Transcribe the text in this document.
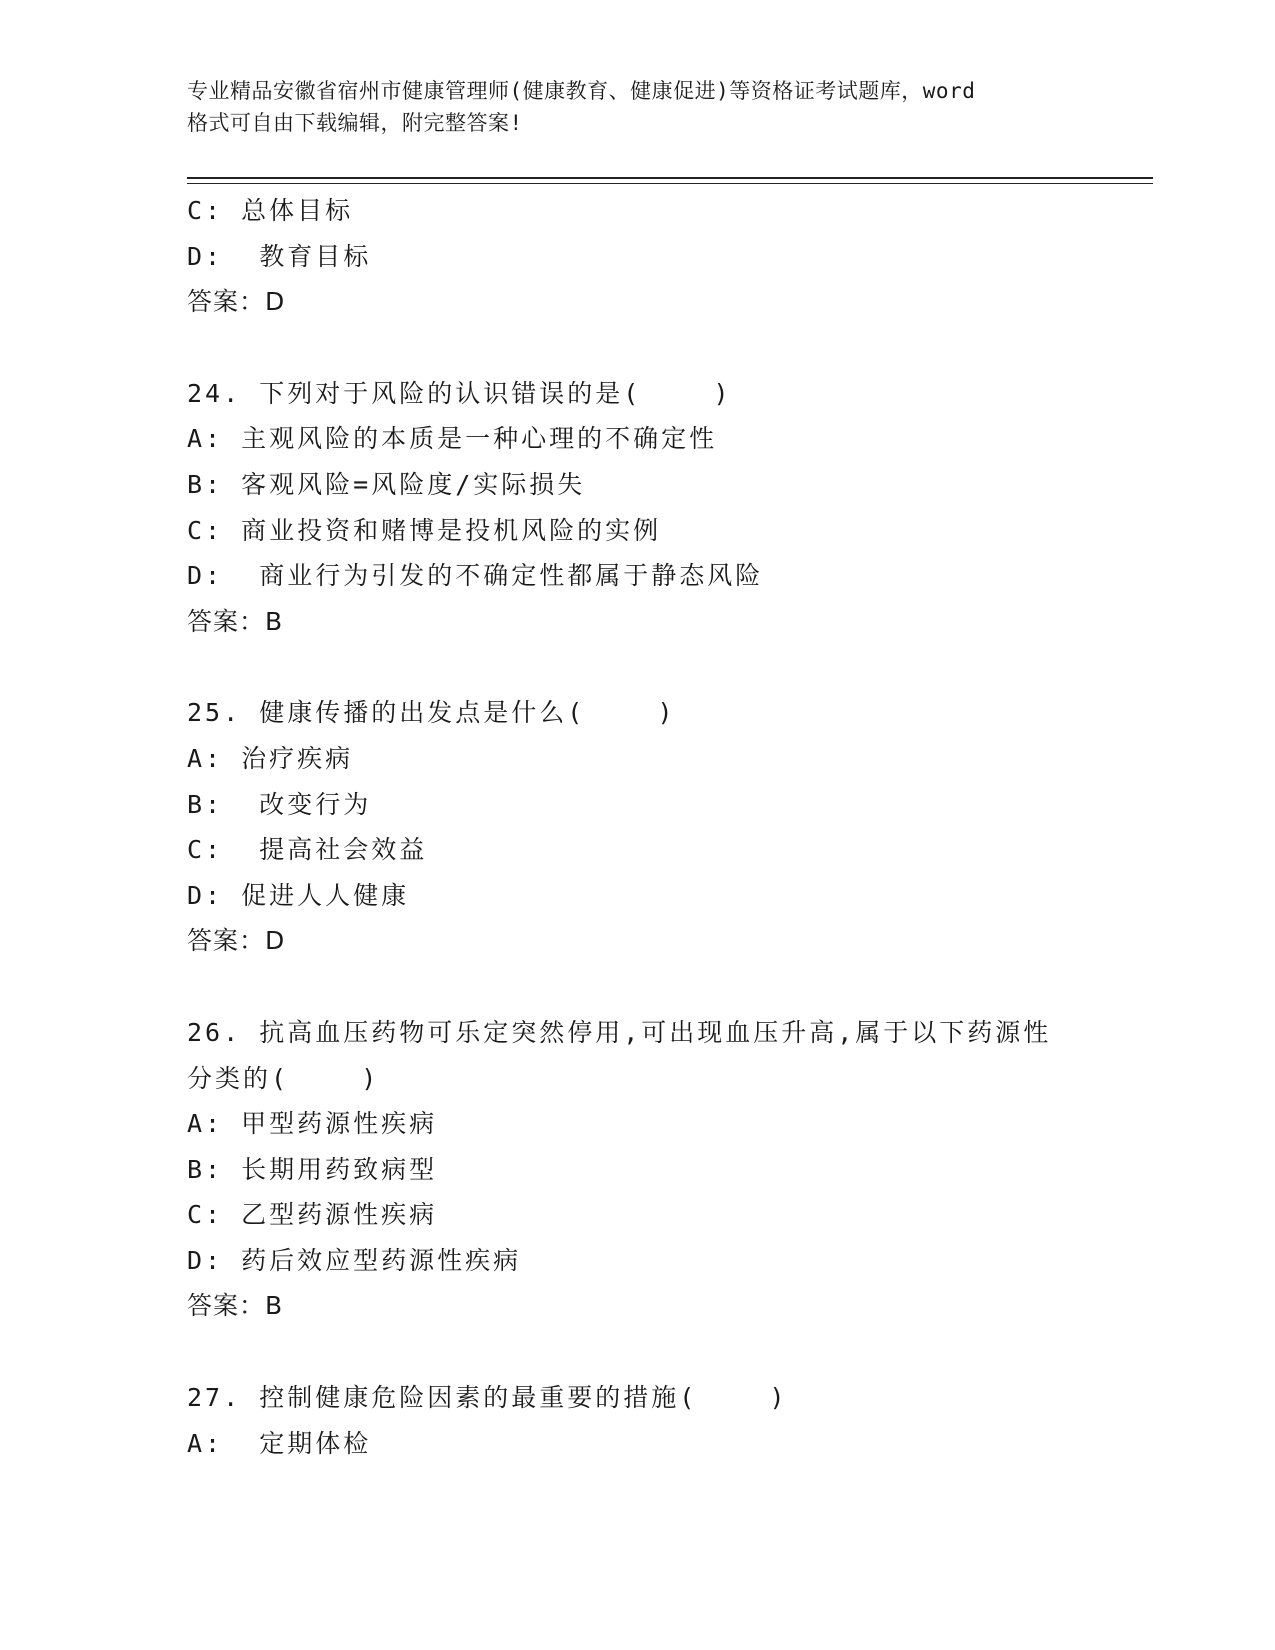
专业精品安徽省宿州市健康管理师(健康教育、健康促进)等资格证考试题库，word
格式可自由下载编辑，附完整答案!
C: 总体目标
D:  教育目标
答案：D
24. 下列对于风险的认识错误的是(    )
A: 主观风险的本质是一种心理的不确定性
B: 客观风险=风险度/实际损失
C: 商业投资和赌博是投机风险的实例
D:  商业行为引发的不确定性都属于静态风险
答案：B
25. 健康传播的出发点是什么(    )
A: 治疗疾病
B:  改变行为
C:  提高社会效益
D: 促进人人健康
答案：D
26. 抗高血压药物可乐定突然停用,可出现血压升高,属于以下药源性
分类的(    )
A: 甲型药源性疾病
B: 长期用药致病型
C: 乙型药源性疾病
D: 药后效应型药源性疾病
答案：B
27. 控制健康危险因素的最重要的措施(    )
A:  定期体检
